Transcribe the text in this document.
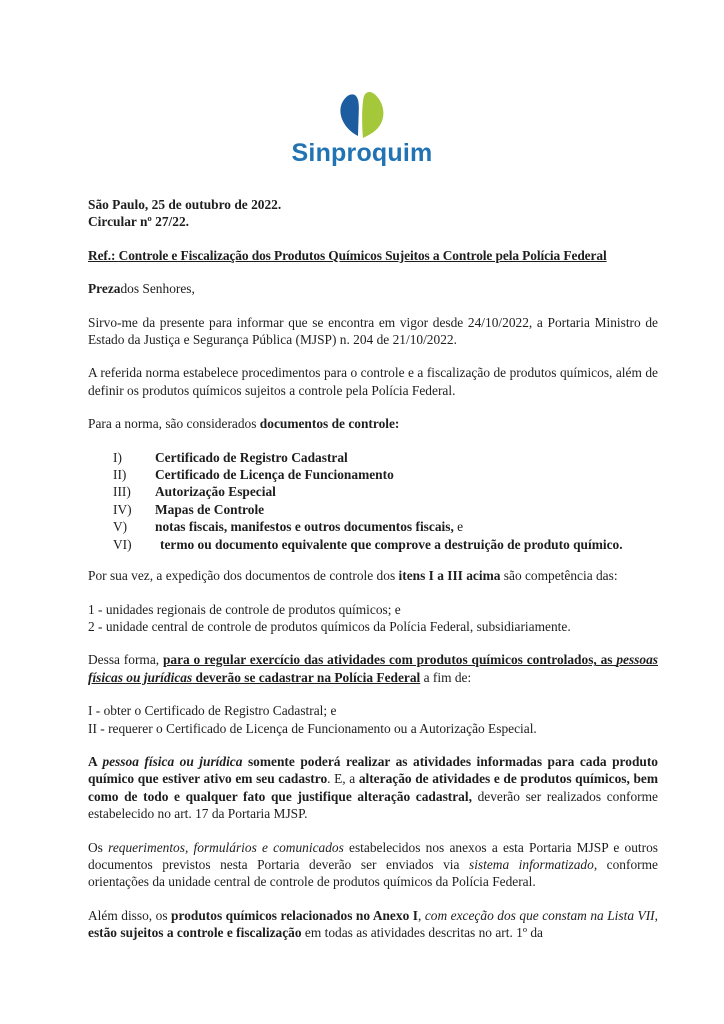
Sinproquim

São Paulo, 25 de outubro de 2022.

Circular nº 27/22.

Ref.: Controle e Fiscalização dos Produtos Químicos Sujeitos a Controle pela Polícia Federal

Prezados Senhores,

Sirvo-me da presente para informar que se encontra em vigor desde 24/10/2022, a Portaria Ministro de Estado da Justiça e Segurança Pública (MJSP) n. 204 de 21/10/2022.

A referida norma estabelece procedimentos para o controle e a fiscalização de produtos químicos, além de definir os produtos químicos sujeitos a controle pela Polícia Federal.

Para a norma, são considerados documentos de controle:

I)	Certificado de Registro Cadastral
II)	Certificado de Licença de Funcionamento
III)	Autorização Especial
IV)	Mapas de Controle
V)	notas fiscais, manifestos e outros documentos fiscais, e
VI)	termo ou documento equivalente que comprove a destruição de produto químico.

Por sua vez, a expedição dos documentos de controle dos itens I a III acima são competência das:

1 - unidades regionais de controle de produtos químicos; e

2 - unidade central de controle de produtos químicos da Polícia Federal, subsidiariamente.

Dessa forma, para o regular exercício das atividades com produtos químicos controlados, as pessoas físicas ou jurídicas deverão se cadastrar na Polícia Federal a fim de:

I - obter o Certificado de Registro Cadastral; e

II - requerer o Certificado de Licença de Funcionamento ou a Autorização Especial.

A pessoa física ou jurídica somente poderá realizar as atividades informadas para cada produto químico que estiver ativo em seu cadastro. E, a alteração de atividades e de produtos químicos, bem como de todo e qualquer fato que justifique alteração cadastral, deverão ser realizados conforme estabelecido no art. 17 da Portaria MJSP.

Os requerimentos, formulários e comunicados estabelecidos nos anexos a esta Portaria MJSP e outros documentos previstos nesta Portaria deverão ser enviados via sistema informatizado, conforme orientações da unidade central de controle de produtos químicos da Polícia Federal.

Além disso, os produtos químicos relacionados no Anexo I, com exceção dos que constam na Lista VII, estão sujeitos a controle e fiscalização em todas as atividades descritas no art. 1º da
